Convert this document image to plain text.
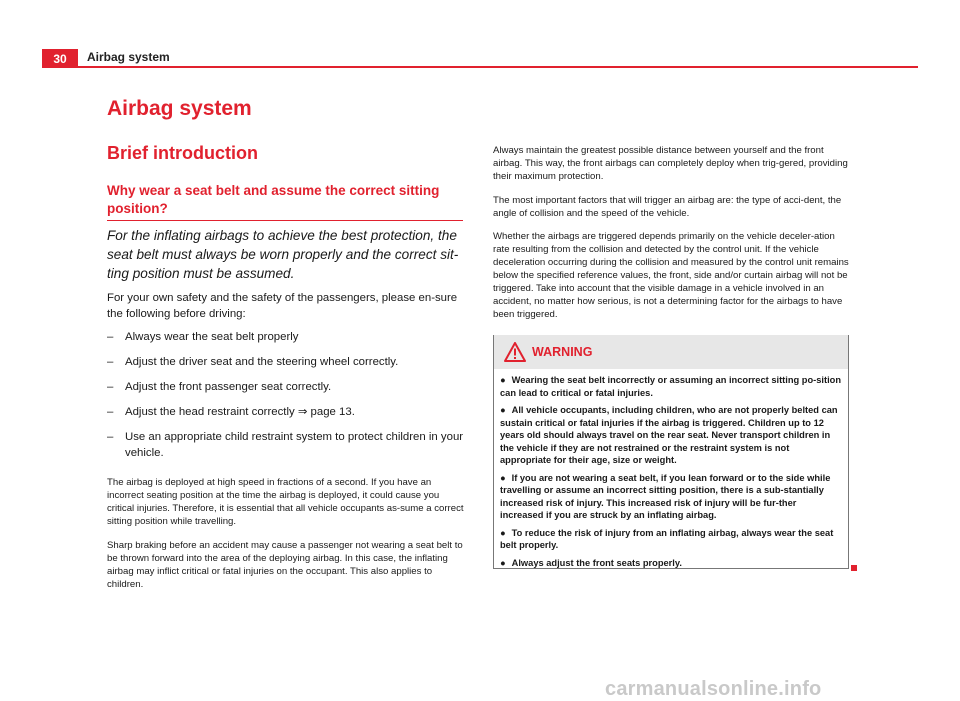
30	Airbag system
Airbag system
Brief introduction
Why wear a seat belt and assume the correct sitting position?

For the inflating airbags to achieve the best protection, the seat belt must always be worn properly and the correct sit-ting position must be assumed.

For your own safety and the safety of the passengers, please en-sure the following before driving:

– Always wear the seat belt properly
– Adjust the driver seat and the steering wheel correctly.
– Adjust the front passenger seat correctly.
– Adjust the head restraint correctly ⇒ page 13.
– Use an appropriate child restraint system to protect children in your vehicle.

The airbag is deployed at high speed in fractions of a second. If you have an incorrect seating position at the time the airbag is deployed, it could cause you critical injuries. Therefore, it is essential that all vehicle occupants as-sume a correct sitting position while travelling.

Sharp braking before an accident may cause a passenger not wearing a seat belt to be thrown forward into the area of the deploying airbag. In this case, the inflating airbag may inflict critical or fatal injuries on the occupant. This also applies to children.

Always maintain the greatest possible distance between yourself and the front airbag. This way, the front airbags can completely deploy when trig-gered, providing their maximum protection.

The most important factors that will trigger an airbag are: the type of acci-dent, the angle of collision and the speed of the vehicle.

Whether the airbags are triggered depends primarily on the vehicle deceler-ation rate resulting from the collision and detected by the control unit. If the vehicle deceleration occurring during the collision and measured by the control unit remains below the specified reference values, the front, side and/or curtain airbag will not be triggered. Take into account that the visible damage in a vehicle involved in an accident, no matter how serious, is not a determining factor for the airbags to have been triggered.

WARNING
● Wearing the seat belt incorrectly or assuming an incorrect sitting po-sition can lead to critical or fatal injuries.
● All vehicle occupants, including children, who are not properly belted can sustain critical or fatal injuries if the airbag is triggered. Children up to 12 years old should always travel on the rear seat. Never transport children in the vehicle if they are not restrained or the restraint system is not appropriate for their age, size or weight.
● If you are not wearing a seat belt, if you lean forward or to the side while travelling or assume an incorrect sitting position, there is a sub-stantially increased risk of injury. This increased risk of injury will be fur-ther increased if you are struck by an inflating airbag.
● To reduce the risk of injury from an inflating airbag, always wear the seat belt properly.
● Always adjust the front seats properly.
carmanualsonline.info
